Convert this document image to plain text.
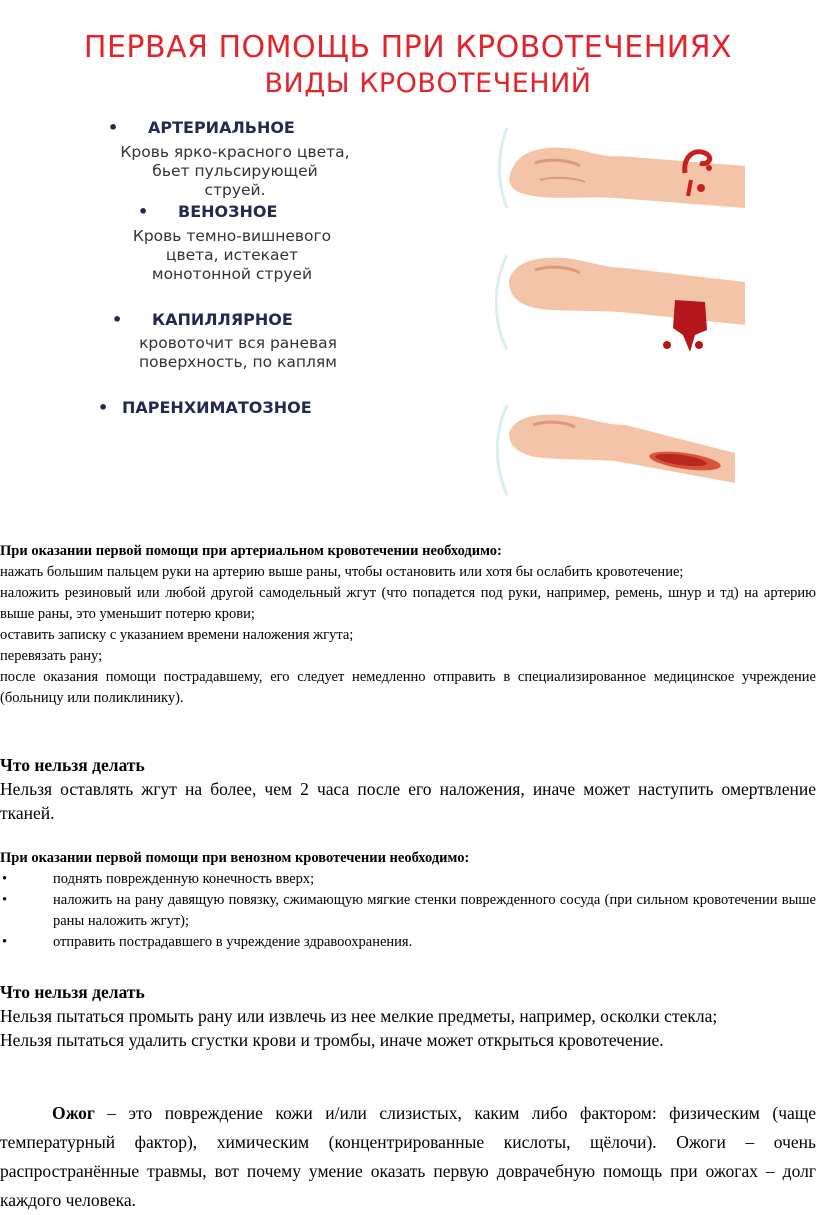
ПЕРВАЯ ПОМОЩЬ ПРИ КРОВОТЕЧЕНИЯХ
ВИДЫ КРОВОТЕЧЕНИЙ
• АРТЕРИАЛЬНОЕ
Кровь ярко-красного цвета,
бьет пульсирующей
струей.
• ВЕНОЗНОЕ
Кровь темно-вишневого
цвета, истекает
монотонной струей
• КАПИЛЛЯРНОЕ
кровоточит вся раневая
поверхность, по каплям
• ПАРЕНХИМАТОЗНОЕ
При оказании первой помощи при артериальном кровотечении необходимо:
нажать большим пальцем руки на артерию выше раны, чтобы остановить или хотя бы ослабить кровотечение;
наложить резиновый или любой другой самодельный жгут (что попадется под руки, например, ремень, шнур и тд) на артерию выше раны, это уменьшит потерю крови;
оставить записку с указанием времени наложения жгута;
перевязать рану;
после оказания помощи пострадавшему, его следует немедленно отправить в специализированное медицинское учреждение (больницу или поликлинику).
Что нельзя делать
Нельзя оставлять жгут на более, чем 2 часа после его наложения, иначе может наступить омертвление тканей.
При оказании первой помощи при венозном кровотечении необходимо:
• поднять поврежденную конечность вверх;
• наложить на рану давящую повязку, сжимающую мягкие стенки поврежденного сосуда (при сильном кровотечении выше раны наложить жгут);
• отправить пострадавшего в учреждение здравоохранения.
Что нельзя делать
Нельзя пытаться промыть рану или извлечь из нее мелкие предметы, например, осколки стекла;
Нельзя пытаться удалить сгустки крови и тромбы, иначе может открыться кровотечение.
Ожог – это повреждение кожи и/или слизистых, каким либо фактором: физическим (чаще температурный фактор), химическим (концентрированные кислоты, щёлочи). Ожоги – очень распространённые травмы, вот почему умение оказать первую доврачебную помощь при ожогах – долг каждого человека.
